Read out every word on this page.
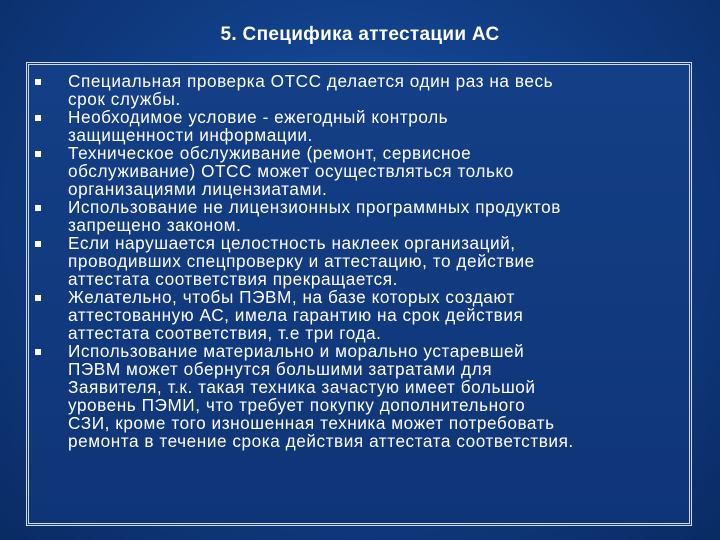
5. Специфика аттестации АС
Специальная проверка ОТСС делается один раз на весь
срок службы.
Необходимое условие - ежегодный контроль
защищенности информации.
Техническое обслуживание (ремонт, сервисное
обслуживание) ОТСС может осуществляться только
организациями лицензиатами.
Использование не лицензионных программных продуктов
запрещено законом.
Если нарушается целостность наклеек организаций,
проводивших спецпроверку и аттестацию, то действие
аттестата соответствия прекращается.
Желательно, чтобы ПЭВМ, на базе которых создают
аттестованную АС, имела гарантию на срок действия
аттестата соответствия, т.е три года.
Использование материально и морально устаревшей
ПЭВМ может обернутся большими затратами для
Заявителя, т.к. такая техника зачастую имеет большой
уровень ПЭМИ, что требует покупку дополнительного
СЗИ, кроме того изношенная техника может потребовать
ремонта в течение срока действия аттестата соответствия.
